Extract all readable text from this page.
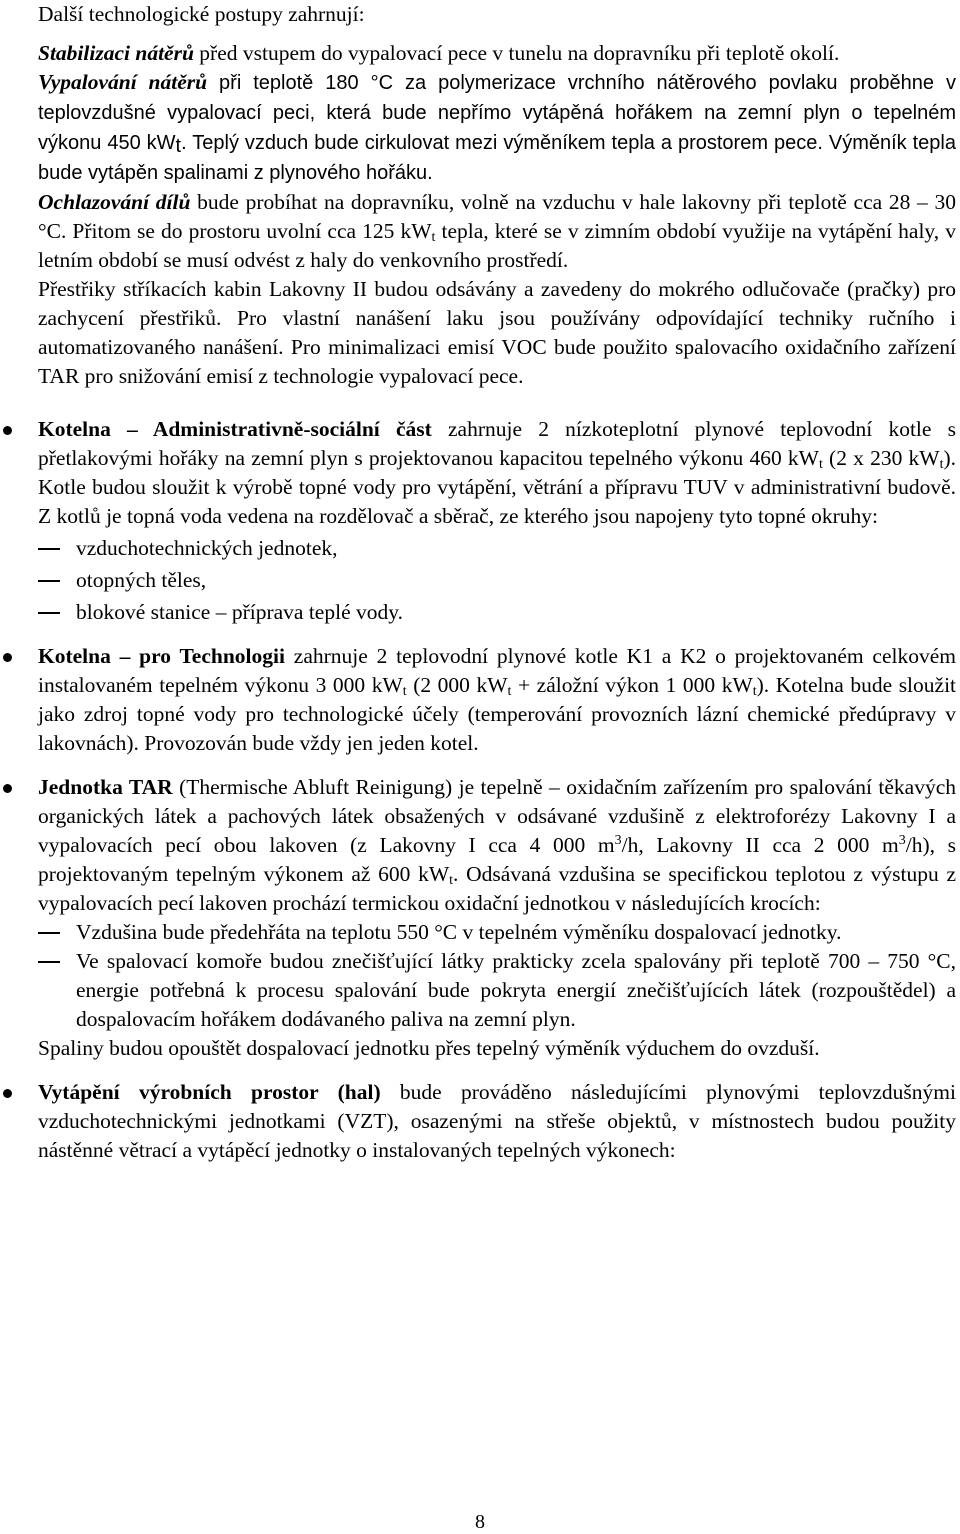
Další technologické postupy zahrnují:

Stabilizaci nátěrů před vstupem do vypalovací pece v tunelu na dopravníku při teplotě okolí.

Vypalování nátěrů při teplotě 180 °C za polymerizace vrchního nátěrového povlaku proběhne v teplovzdušné vypalovací peci, která bude nepřímo vytápěná hořákem na zemní plyn o tepelném výkonu 450 $kW_t$. Teplý vzduch bude cirkulovat mezi výměníkem tepla a prostorem pece. Výměník tepla bude vytápěn spalinami z plynového hořáku.

Ochlazování dílů bude probíhat na dopravníku, volně na vzduchu v hale lakovny při teplotě cca 28 – 30 °C. Přitom se do prostoru uvolní cca 125 $kW_t$ tepla, které se v zimním období využije na vytápění haly, v letním období se musí odvést z haly do venkovního prostředí.

Přestřiky stříkacích kabin Lakovny II budou odsávány a zavedeny do mokrého odlučovače (pračky) pro zachycení přestřiků. Pro vlastní nanášení laku jsou používány odpovídající techniky ručního i automatizovaného nanášení. Pro minimalizaci emisí VOC bude použito spalovacího oxidačního zařízení TAR pro snižování emisí z technologie vypalovací pece.

Kotelna – Administrativně-sociální část zahrnuje 2 nízkoteplotní plynové teplovodní kotle s přetlakovými hořáky na zemní plyn s projektovanou kapacitou tepelného výkonu 460 $kW_t$ (2 x 230 $kW_t$). Kotle budou sloužit k výrobě topné vody pro vytápění, větrání a přípravu TUV v administrativní budově. Z kotlů je topná voda vedena na rozdělovač a sběrač, ze kterého jsou napojeny tyto topné okruhy:

vzduchotechnických jednotek,

otopných těles,

blokové stanice – příprava teplé vody.

Kotelna – pro Technologii zahrnuje 2 teplovodní plynové kotle K1 a K2 o projektovaném celkovém instalovaném tepelném výkonu 3 000 $kW_t$ (2 000 $kW_t$ + záložní výkon 1 000 $kW_t$). Kotelna bude sloužit jako zdroj topné vody pro technologické účely (temperování provozních lázní chemické předúpravy v lakovnách). Provozován bude vždy jen jeden kotel.

Jednotka TAR (Thermische Abluft Reinigung) je tepelně – oxidačním zařízením pro spalování těkavých organických látek a pachových látek obsažených v odsávané vzdušině z elektroforézy Lakovny I a vypalovacích pecí obou lakoven (z Lakovny I cca 4 000 $m^3/h$, Lakovny II cca 2 000 $m^3/h$), s projektovaným tepelným výkonem až 600 $kW_t$. Odsávaná vzdušina se specifickou teplotou z výstupu z vypalovacích pecí lakoven prochází termickou oxidační jednotkou v následujících krocích:

Vzdušina bude předehřáta na teplotu 550 °C v tepelném výměníku dospalovací jednotky.

Ve spalovací komoře budou znečišťující látky prakticky zcela spalovány při teplotě 700 – 750 °C, energie potřebná k procesu spalování bude pokryta energií znečišťujících látek (rozpouštědel) a dospalovacím hořákem dodávaného paliva na zemní plyn.

Spaliny budou opouštět dospalovací jednotku přes tepelný výměník výduchem do ovzduší.

Vytápění výrobních prostor (hal) bude prováděno následujícími plynovými teplovzdušnými vzduchotechnickými jednotkami (VZT), osazenými na střeše objektů, v místnostech budou použity nástěnné větrací a vytápěcí jednotky o instalovaných tepelných výkonech:

8
